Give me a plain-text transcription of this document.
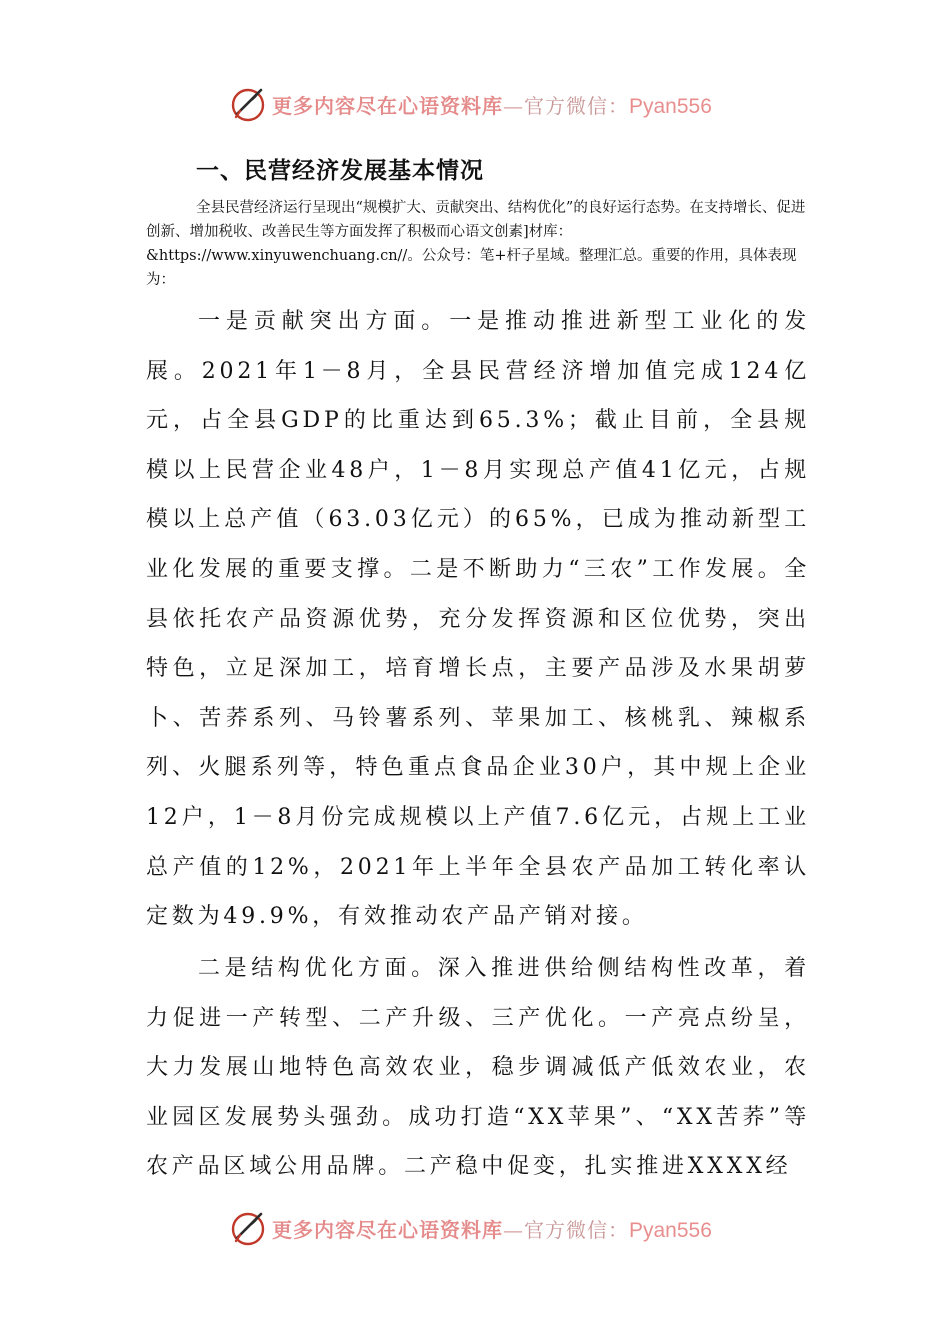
更多内容尽在心语资料库—官方微信：Pyan556
一、民营经济发展基本情况

全县民营经济运行呈现出“规模扩大、贡献突出、结构优化”的良好运行态势。在支持增长、促进创新、增加税收、改善民生等方面发挥了积极而心语文创素]材库：&https://www.xinyuwenchuang.cn//。公众号：笔+杆子星域。整理汇总。重要的作用，具体表现为：

一是贡献突出方面。一是推动推进新型工业化的发展。2021年1－8月，全县民营经济增加值完成124亿元，占全县GDP的比重达到65.3%；截止目前，全县规模以上民营企业48户，1－8月实现总产值41亿元，占规模以上总产值（63.03亿元）的65%，已成为推动新型工业化发展的重要支撑。二是不断助力“三农”工作发展。全县依托农产品资源优势，充分发挥资源和区位优势，突出特色，立足深加工，培育增长点，主要产品涉及水果胡萝卜、苦荞系列、马铃薯系列、苹果加工、核桃乳、辣椒系列、火腿系列等，特色重点食品企业30户，其中规上企业12户，1－8月份完成规模以上产值7.6亿元，占规上工业总产值的12%，2021年上半年全县农产品加工转化率认定数为49.9%，有效推动农产品产销对接。

二是结构优化方面。深入推进供给侧结构性改革，着力促进一产转型、二产升级、三产优化。一产亮点纷呈，大力发展山地特色高效农业，稳步调减低产低效农业，农业园区发展势头强劲。成功打造“XX苹果”、“XX苦荞”等农产品区域公用品牌。二产稳中促变，扎实推进XXXX经

更多内容尽在心语资料库—官方微信：Pyan556
